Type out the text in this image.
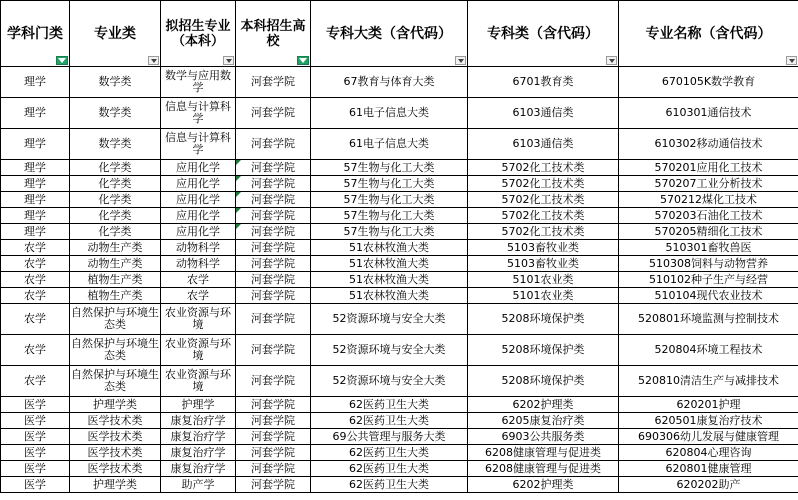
学科门类	专业类	拟招生专业（本科）	本科招生高校	专科大类（含代码）	专科类（含代码）	专业名称（含代码）

理学	数学类	数学与应用数学	河套学院	67教育与体育大类	6701教育类	670105K数学教育
理学	数学类	信息与计算科学	河套学院	61电子信息大类	6103通信类	610301通信技术
理学	数学类	信息与计算科学	河套学院	61电子信息大类	6103通信类	610302移动通信技术
理学	化学类	应用化学	河套学院	57生物与化工大类	5702化工技术类	570201应用化工技术
理学	化学类	应用化学	河套学院	57生物与化工大类	5702化工技术类	570207工业分析技术
理学	化学类	应用化学	河套学院	57生物与化工大类	5702化工技术类	570212煤化工技术
理学	化学类	应用化学	河套学院	57生物与化工大类	5702化工技术类	570203石油化工技术
理学	化学类	应用化学	河套学院	57生物与化工大类	5702化工技术类	570205精细化工技术
农学	动物生产类	动物科学	河套学院	51农林牧渔大类	5103畜牧业类	510301畜牧兽医
农学	动物生产类	动物科学	河套学院	51农林牧渔大类	5103畜牧业类	510308饲料与动物营养
农学	植物生产类	农学	河套学院	51农林牧渔大类	5101农业类	510102种子生产与经营
农学	植物生产类	农学	河套学院	51农林牧渔大类	5101农业类	510104现代农业技术
农学	自然保护与环境生态类	农业资源与环境	河套学院	52资源环境与安全大类	5208环境保护类	520801环境监测与控制技术
农学	自然保护与环境生态类	农业资源与环境	河套学院	52资源环境与安全大类	5208环境保护类	520804环境工程技术
农学	自然保护与环境生态类	农业资源与环境	河套学院	52资源环境与安全大类	5208环境保护类	520810清洁生产与减排技术
医学	护理学类	护理学	河套学院	62医药卫生大类	6202护理类	620201护理
医学	医学技术类	康复治疗学	河套学院	62医药卫生大类	6205康复治疗类	620501康复治疗技术
医学	医学技术类	康复治疗学	河套学院	69公共管理与服务大类	6903公共服务类	690306幼儿发展与健康管理
医学	医学技术类	康复治疗学	河套学院	62医药卫生大类	6208健康管理与促进类	620804心理咨询
医学	医学技术类	康复治疗学	河套学院	62医药卫生大类	6208健康管理与促进类	620801健康管理
医学	护理学类	助产学	河套学院	62医药卫生大类	6202护理类	620202助产
